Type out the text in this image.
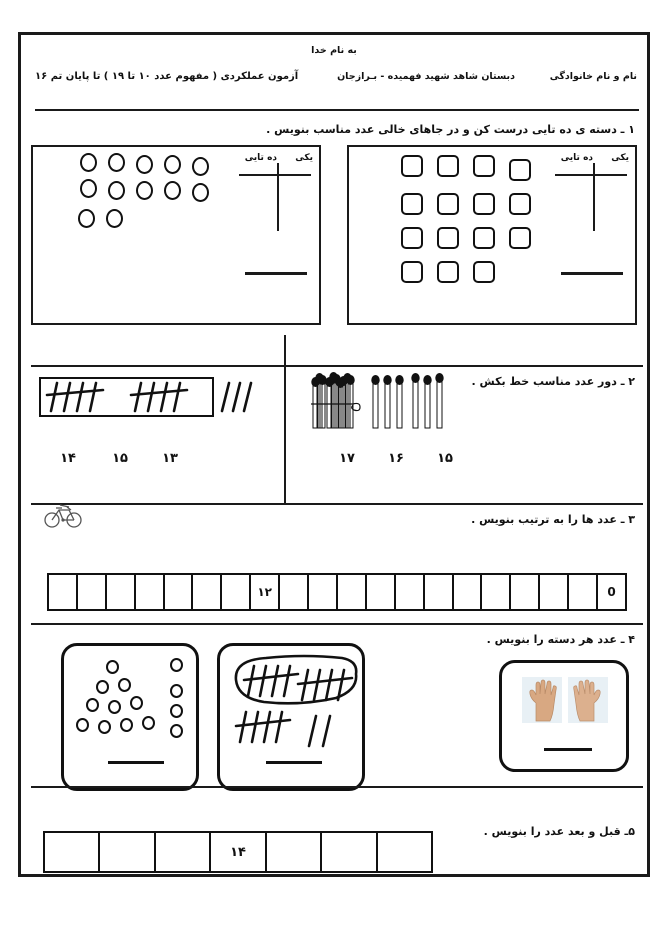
به نام خدا
نام و نام خانوادگی
دبستان شاهد شهید فهمیده - بـرازجان
آزمون عملکردی ( مفهوم عدد ۱۰ تا ۱۹ ) تا پایان تم ۱۶
۱ ـ دسته ی ده تایی درست کن و در جاهای خالی عدد مناسب بنویس .
یکی
ده تایی
یکی
ده تایی
۲ ـ دور عدد مناسب خط بکش .
۱۵
۱۶
۱۷
۱۴	۱۵	۱۳
۳ ـ عدد ها را به ترتیب بنویس .
0
۱۲
۴ ـ عدد هر دسته را بنویس .
۵ـ قبل و بعد عدد را بنویس .
۱۴
